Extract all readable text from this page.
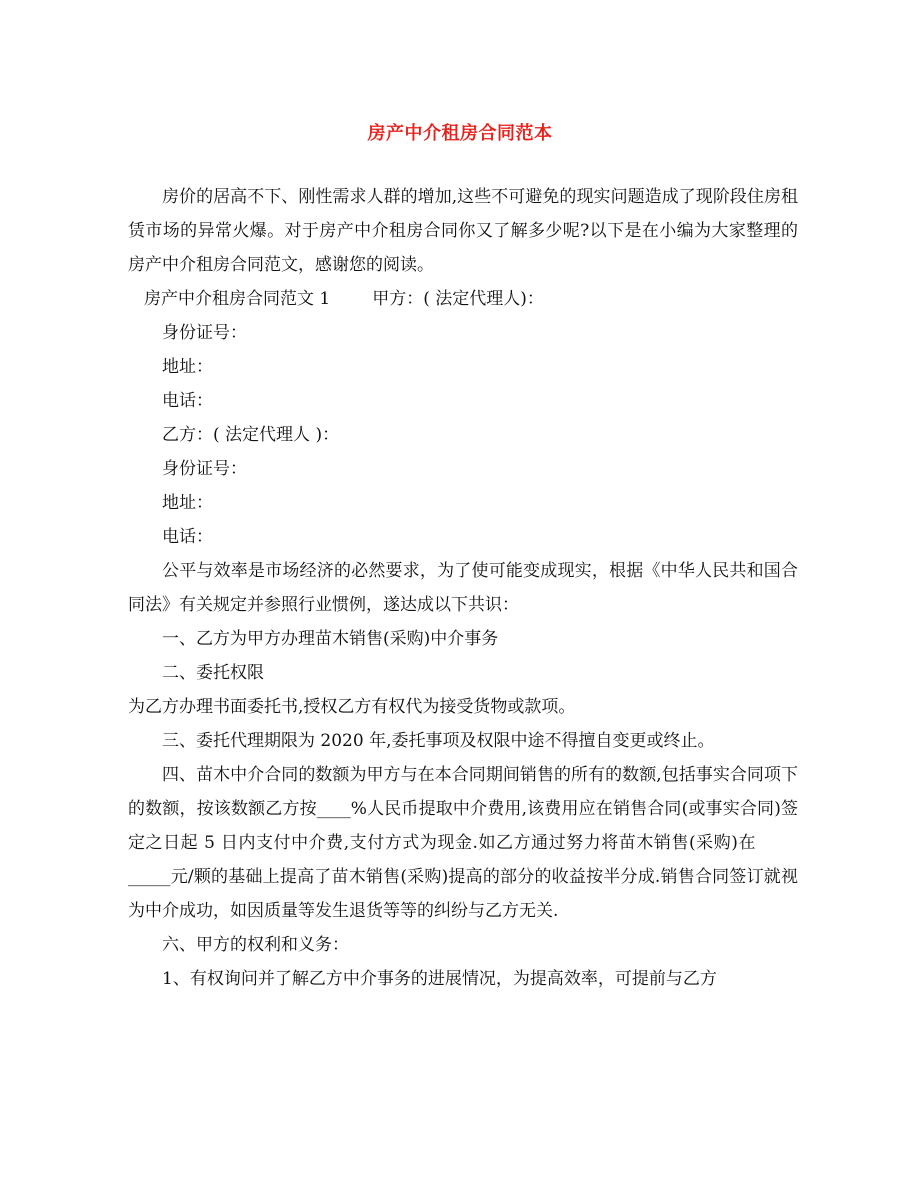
房产中介租房合同范本

房价的居高不下、刚性需求人群的增加,这些不可避免的现实问题造成了现阶段住房租赁市场的异常火爆。对于房产中介租房合同你又了解多少呢?以下是在小编为大家整理的房产中介租房合同范文，感谢您的阅读。

房产中介租房合同范文 1 甲方：( 法定代理人)：

身份证号：

地址：

电话：

乙方：( 法定代理人 )：

身份证号：

地址：

电话：

公平与效率是市场经济的必然要求，为了使可能变成现实，根据《中华人民共和国合同法》有关规定并参照行业惯例，遂达成以下共识：

一、乙方为甲方办理苗木销售(采购)中介事务

二、委托权限

为乙方办理书面委托书,授权乙方有权代为接受货物或款项。

三、委托代理期限为 2020 年,委托事项及权限中途不得擅自变更或终止。

四、苗木中介合同的数额为甲方与在本合同期间销售的所有的数额,包括事实合同项下的数额，按该数额乙方按____%人民币提取中介费用,该费用应在销售合同(或事实合同)签定之日起 5 日内支付中介费,支付方式为现金.如乙方通过努力将苗木销售(采购)在_____元/颗的基础上提高了苗木销售(采购)提高的部分的收益按半分成.销售合同签订就视为中介成功，如因质量等发生退货等等的纠纷与乙方无关.

六、甲方的权利和义务：

1、有权询问并了解乙方中介事务的进展情况，为提高效率，可提前与乙方
